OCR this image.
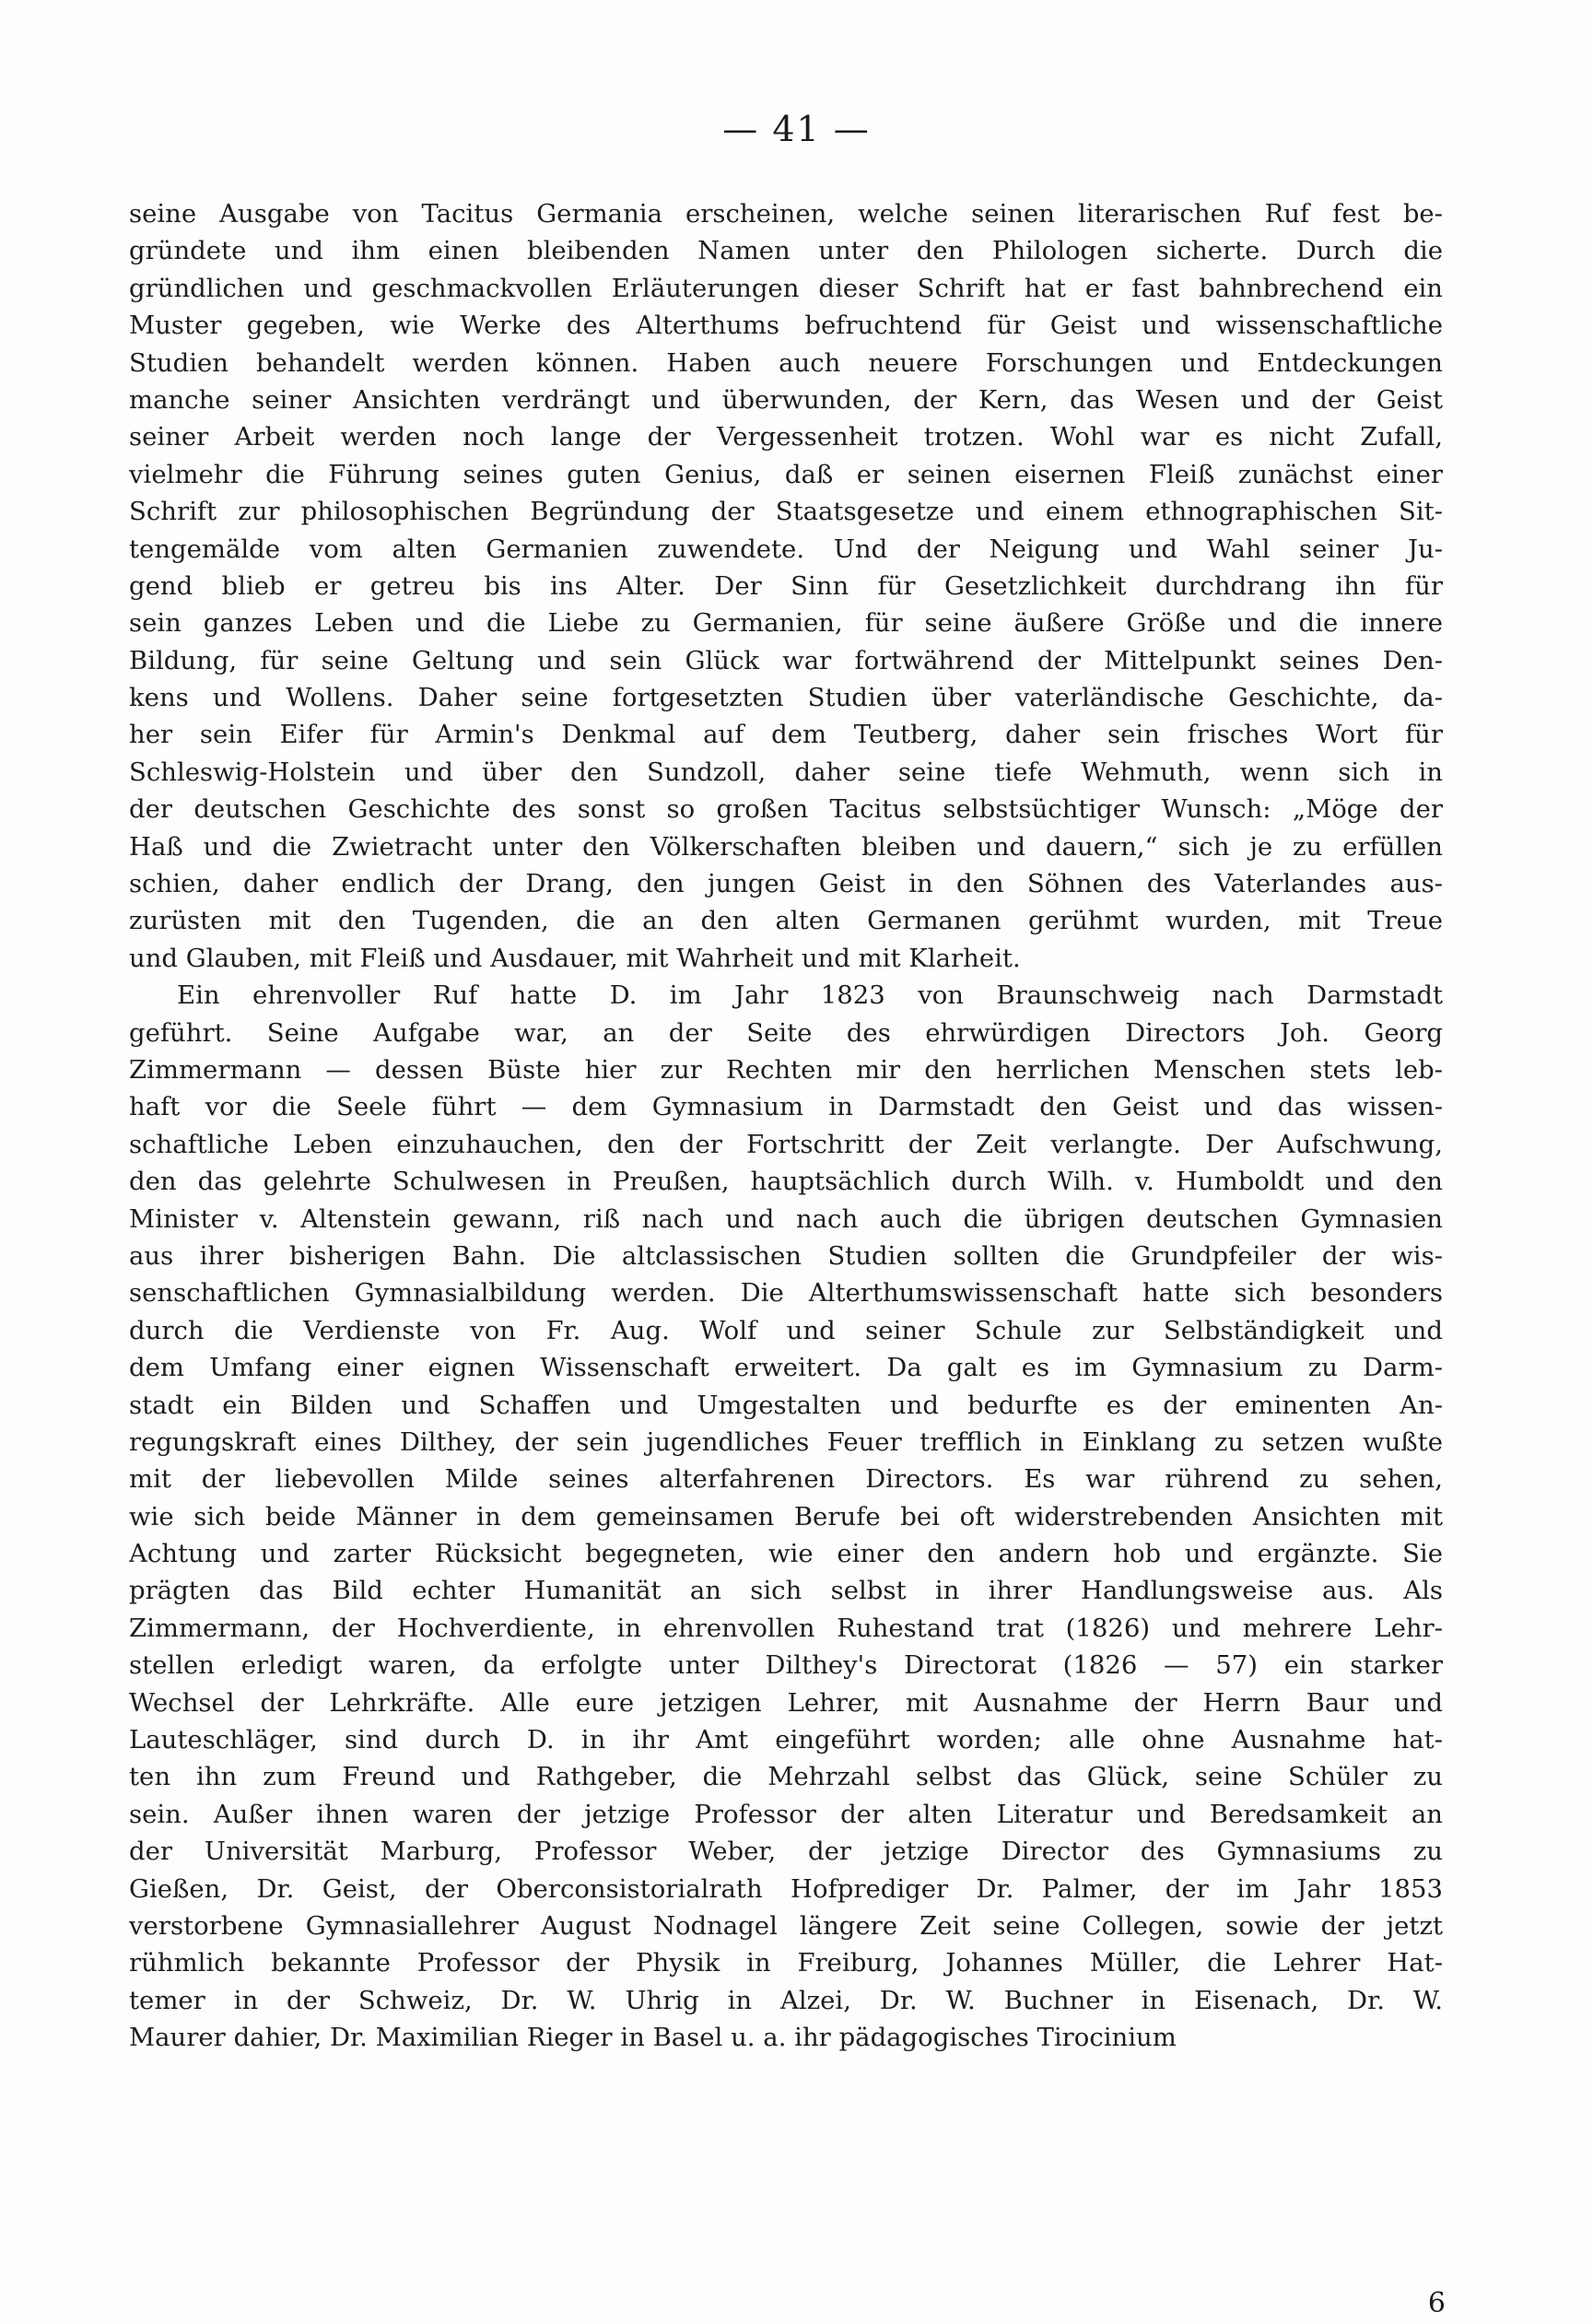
— 41 —
seine Ausgabe von Tacitus Germania erscheinen, welche seinen literarischen Ruf fest be-
gründete und ihm einen bleibenden Namen unter den Philologen sicherte. Durch die
gründlichen und geschmackvollen Erläuterungen dieser Schrift hat er fast bahnbrechend ein
Muster gegeben, wie Werke des Alterthums befruchtend für Geist und wissenschaftliche
Studien behandelt werden können. Haben auch neuere Forschungen und Entdeckungen
manche seiner Ansichten verdrängt und überwunden, der Kern, das Wesen und der Geist
seiner Arbeit werden noch lange der Vergessenheit trotzen. Wohl war es nicht Zufall,
vielmehr die Führung seines guten Genius, daß er seinen eisernen Fleiß zunächst einer
Schrift zur philosophischen Begründung der Staatsgesetze und einem ethnographischen Sit-
tengemälde vom alten Germanien zuwendete. Und der Neigung und Wahl seiner Ju-
gend blieb er getreu bis ins Alter. Der Sinn für Gesetzlichkeit durchdrang ihn für
sein ganzes Leben und die Liebe zu Germanien, für seine äußere Größe und die innere
Bildung, für seine Geltung und sein Glück war fortwährend der Mittelpunkt seines Den-
kens und Wollens. Daher seine fortgesetzten Studien über vaterländische Geschichte, da-
her sein Eifer für Armin's Denkmal auf dem Teutberg, daher sein frisches Wort für
Schleswig-Holstein und über den Sundzoll, daher seine tiefe Wehmuth, wenn sich in
der deutschen Geschichte des sonst so großen Tacitus selbstsüchtiger Wunsch: „Möge der
Haß und die Zwietracht unter den Völkerschaften bleiben und dauern,“ sich je zu erfüllen
schien, daher endlich der Drang, den jungen Geist in den Söhnen des Vaterlandes aus-
zurüsten mit den Tugenden, die an den alten Germanen gerühmt wurden, mit Treue
und Glauben, mit Fleiß und Ausdauer, mit Wahrheit und mit Klarheit.
Ein ehrenvoller Ruf hatte D. im Jahr 1823 von Braunschweig nach Darmstadt
geführt. Seine Aufgabe war, an der Seite des ehrwürdigen Directors Joh. Georg
Zimmermann — dessen Büste hier zur Rechten mir den herrlichen Menschen stets leb-
haft vor die Seele führt — dem Gymnasium in Darmstadt den Geist und das wissen-
schaftliche Leben einzuhauchen, den der Fortschritt der Zeit verlangte. Der Aufschwung,
den das gelehrte Schulwesen in Preußen, hauptsächlich durch Wilh. v. Humboldt und den
Minister v. Altenstein gewann, riß nach und nach auch die übrigen deutschen Gymnasien
aus ihrer bisherigen Bahn. Die altclassischen Studien sollten die Grundpfeiler der wis-
senschaftlichen Gymnasialbildung werden. Die Alterthumswissenschaft hatte sich besonders
durch die Verdienste von Fr. Aug. Wolf und seiner Schule zur Selbständigkeit und
dem Umfang einer eignen Wissenschaft erweitert. Da galt es im Gymnasium zu Darm-
stadt ein Bilden und Schaffen und Umgestalten und bedurfte es der eminenten An-
regungskraft eines Dilthey, der sein jugendliches Feuer trefflich in Einklang zu setzen wußte
mit der liebevollen Milde seines alterfahrenen Directors. Es war rührend zu sehen,
wie sich beide Männer in dem gemeinsamen Berufe bei oft widerstrebenden Ansichten mit
Achtung und zarter Rücksicht begegneten, wie einer den andern hob und ergänzte. Sie
prägten das Bild echter Humanität an sich selbst in ihrer Handlungsweise aus. Als
Zimmermann, der Hochverdiente, in ehrenvollen Ruhestand trat (1826) und mehrere Lehr-
stellen erledigt waren, da erfolgte unter Dilthey's Directorat (1826 — 57) ein starker
Wechsel der Lehrkräfte. Alle eure jetzigen Lehrer, mit Ausnahme der Herrn Baur und
Lauteschläger, sind durch D. in ihr Amt eingeführt worden; alle ohne Ausnahme hat-
ten ihn zum Freund und Rathgeber, die Mehrzahl selbst das Glück, seine Schüler zu
sein. Außer ihnen waren der jetzige Professor der alten Literatur und Beredsamkeit an
der Universität Marburg, Professor Weber, der jetzige Director des Gymnasiums zu
Gießen, Dr. Geist, der Oberconsistorialrath Hofprediger Dr. Palmer, der im Jahr 1853
verstorbene Gymnasiallehrer August Nodnagel längere Zeit seine Collegen, sowie der jetzt
rühmlich bekannte Professor der Physik in Freiburg, Johannes Müller, die Lehrer Hat-
temer in der Schweiz, Dr. W. Uhrig in Alzei, Dr. W. Buchner in Eisenach, Dr. W.
Maurer dahier, Dr. Maximilian Rieger in Basel u. a. ihr pädagogisches Tirocinium
6
